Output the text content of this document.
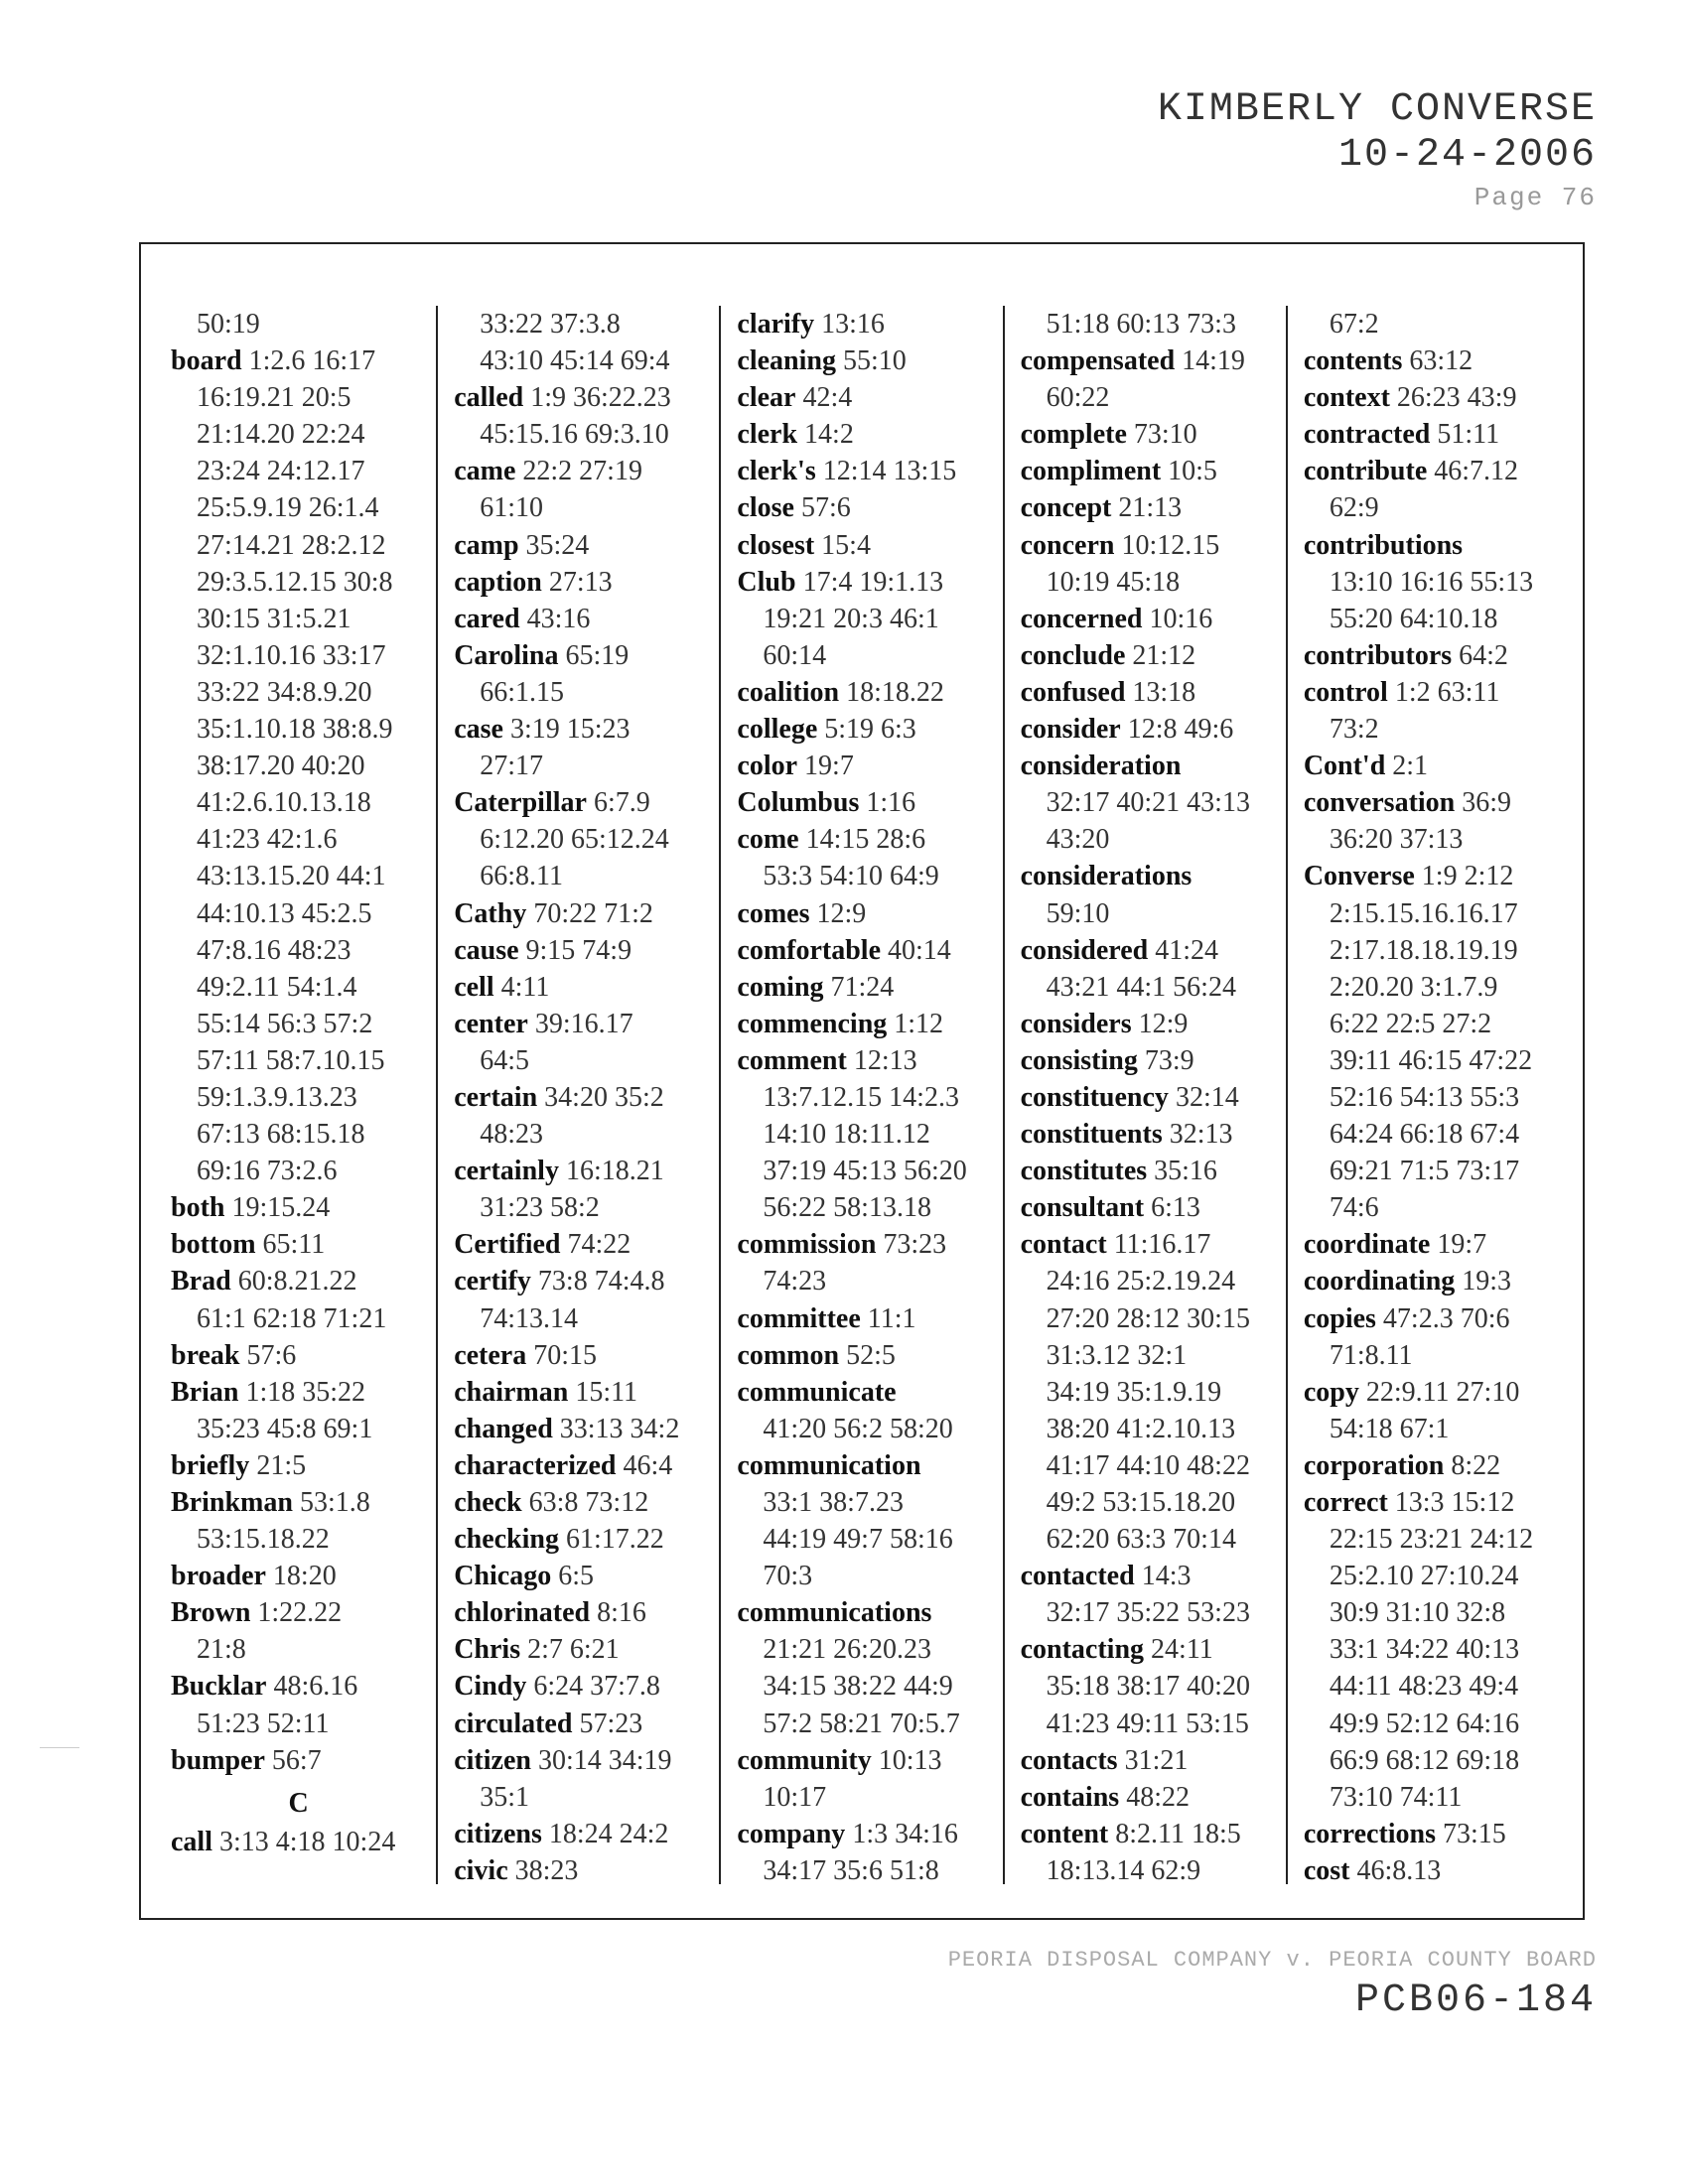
KIMBERLY CONVERSE
10-24-2006
Page 76
50:19
board 1:2.6 16:17
16:19.21 20:5
21:14.20 22:24
23:24 24:12.17
25:5.9.19 26:1.4
27:14.21 28:2.12
29:3.5.12.15 30:8
30:15 31:5.21
32:1.10.16 33:17
33:22 34:8.9.20
35:1.10.18 38:8.9
38:17.20 40:20
41:2.6.10.13.18
41:23 42:1.6
43:13.15.20 44:1
44:10.13 45:2.5
47:8.16 48:23
49:2.11 54:1.4
55:14 56:3 57:2
57:11 58:7.10.15
59:1.3.9.13.23
67:13 68:15.18
69:16 73:2.6
both 19:15.24
bottom 65:11
Brad 60:8.21.22
61:1 62:18 71:21
break 57:6
Brian 1:18 35:22
35:23 45:8 69:1
briefly 21:5
Brinkman 53:1.8
53:15.18.22
broader 18:20
Brown 1:22.22
21:8
Bucklar 48:6.16
51:23 52:11
bumper 56:7
C
call 3:13 4:18 10:24
33:22 37:3.8
43:10 45:14 69:4
called 1:9 36:22.23
45:15.16 69:3.10
came 22:2 27:19
61:10
camp 35:24
caption 27:13
cared 43:16
Carolina 65:19
66:1.15
case 3:19 15:23
27:17
Caterpillar 6:7.9
6:12.20 65:12.24
66:8.11
Cathy 70:22 71:2
cause 9:15 74:9
cell 4:11
center 39:16.17
64:5
certain 34:20 35:2
48:23
certainly 16:18.21
31:23 58:2
Certified 74:22
certify 73:8 74:4.8
74:13.14
cetera 70:15
chairman 15:11
changed 33:13 34:2
characterized 46:4
check 63:8 73:12
checking 61:17.22
Chicago 6:5
chlorinated 8:16
Chris 2:7 6:21
Cindy 6:24 37:7.8
circulated 57:23
citizen 30:14 34:19
35:1
citizens 18:24 24:2
civic 38:23
clarify 13:16
cleaning 55:10
clear 42:4
clerk 14:2
clerk's 12:14 13:15
close 57:6
closest 15:4
Club 17:4 19:1.13
19:21 20:3 46:1
60:14
coalition 18:18.22
college 5:19 6:3
color 19:7
Columbus 1:16
come 14:15 28:6
53:3 54:10 64:9
comes 12:9
comfortable 40:14
coming 71:24
commencing 1:12
comment 12:13
13:7.12.15 14:2.3
14:10 18:11.12
37:19 45:13 56:20
56:22 58:13.18
commission 73:23
74:23
committee 11:1
common 52:5
communicate
41:20 56:2 58:20
communication
33:1 38:7.23
44:19 49:7 58:16
70:3
communications
21:21 26:20.23
34:15 38:22 44:9
57:2 58:21 70:5.7
community 10:13
10:17
company 1:3 34:16
34:17 35:6 51:8
51:18 60:13 73:3
compensated 14:19
60:22
complete 73:10
compliment 10:5
concept 21:13
concern 10:12.15
10:19 45:18
concerned 10:16
conclude 21:12
confused 13:18
consider 12:8 49:6
consideration
32:17 40:21 43:13
43:20
considerations
59:10
considered 41:24
43:21 44:1 56:24
considers 12:9
consisting 73:9
constituency 32:14
constituents 32:13
constitutes 35:16
consultant 6:13
contact 11:16.17
24:16 25:2.19.24
27:20 28:12 30:15
31:3.12 32:1
34:19 35:1.9.19
38:20 41:2.10.13
41:17 44:10 48:22
49:2 53:15.18.20
62:20 63:3 70:14
contacted 14:3
32:17 35:22 53:23
contacting 24:11
35:18 38:17 40:20
41:23 49:11 53:15
contacts 31:21
contains 48:22
content 8:2.11 18:5
18:13.14 62:9
67:2
contents 63:12
context 26:23 43:9
contracted 51:11
contribute 46:7.12
62:9
contributions
13:10 16:16 55:13
55:20 64:10.18
contributors 64:2
control 1:2 63:11
73:2
Cont'd 2:1
conversation 36:9
36:20 37:13
Converse 1:9 2:12
2:15.15.16.16.17
2:17.18.18.19.19
2:20.20 3:1.7.9
6:22 22:5 27:2
39:11 46:15 47:22
52:16 54:13 55:3
64:24 66:18 67:4
69:21 71:5 73:17
74:6
coordinate 19:7
coordinating 19:3
copies 47:2.3 70:6
71:8.11
copy 22:9.11 27:10
54:18 67:1
corporation 8:22
correct 13:3 15:12
22:15 23:21 24:12
25:2.10 27:10.24
30:9 31:10 32:8
33:1 34:22 40:13
44:11 48:23 49:4
49:9 52:12 64:16
66:9 68:12 69:18
73:10 74:11
corrections 73:15
cost 46:8.13
PEORIA DISPOSAL COMPANY v. PEORIA COUNTY BOARD
PCB06-184
